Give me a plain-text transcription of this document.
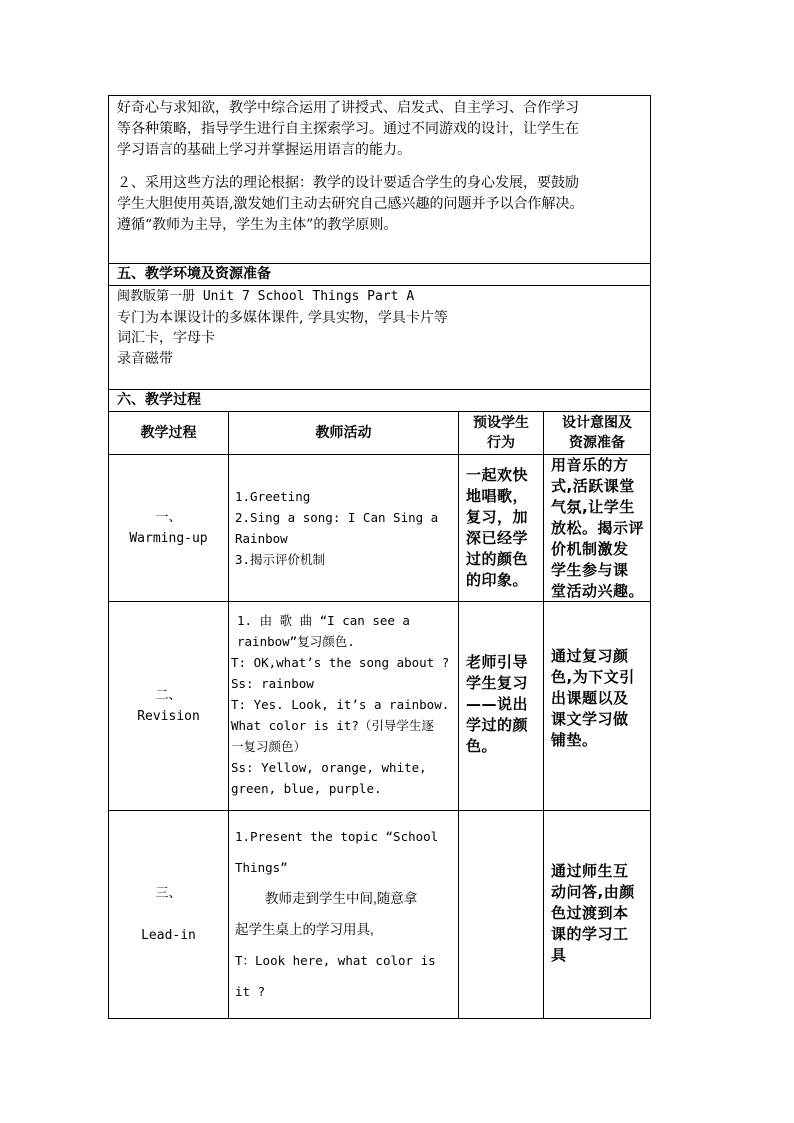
好奇心与求知欲，教学中综合运用了讲授式、启发式、自主学习、合作学习
等各种策略，指导学生进行自主探索学习。通过不同游戏的设计，让学生在
学习语言的基础上学习并掌握运用语言的能力。

２、采用这些方法的理论根据：教学的设计要适合学生的身心发展，要鼓励
学生大胆使用英语,激发她们主动去研究自己感兴趣的问题并予以合作解决。
遵循“教师为主导，学生为主体”的教学原则。

五、教学环境及资源准备
闽教版第一册 Unit 7 School Things Part A
专门为本课设计的多媒体课件, 学具实物，学具卡片等
词汇卡，字母卡
录音磁带
六、教学过程
教学过程	教师活动
预设学生
行为
设计意图及
资源准备
一、
Warming-up
1.Greeting
2.Sing a song: I Can Sing a
Rainbow
3.揭示评价机制
一起欢快
地唱歌，
复习，加
深已经学
过的颜色
的印象。
用音乐的方
式,活跃课堂
气氛,让学生
放松。揭示评
价机制激发
学生参与课
堂活动兴趣。
二、
Revision
1. 由 歌 曲 “I can see a
rainbow”复习颜色.
T: OK,what’s the song about ?
Ss: rainbow
T: Yes. Look, it’s a rainbow.
What color is it?（引导学生逐
一复习颜色）
Ss: Yellow, orange, white,
green, blue, purple.
老师引导
学生复习
——说出
学过的颜
色。
通过复习颜
色,为下文引
出课题以及
课文学习做
铺垫。
三、
Lead-in
1.Present the topic “School
Things”
教师走到学生中间,随意拿
起学生桌上的学习用具,
T：Look here, what color is
it ?
通过师生互
动问答,由颜
色过渡到本
课的学习工
具
